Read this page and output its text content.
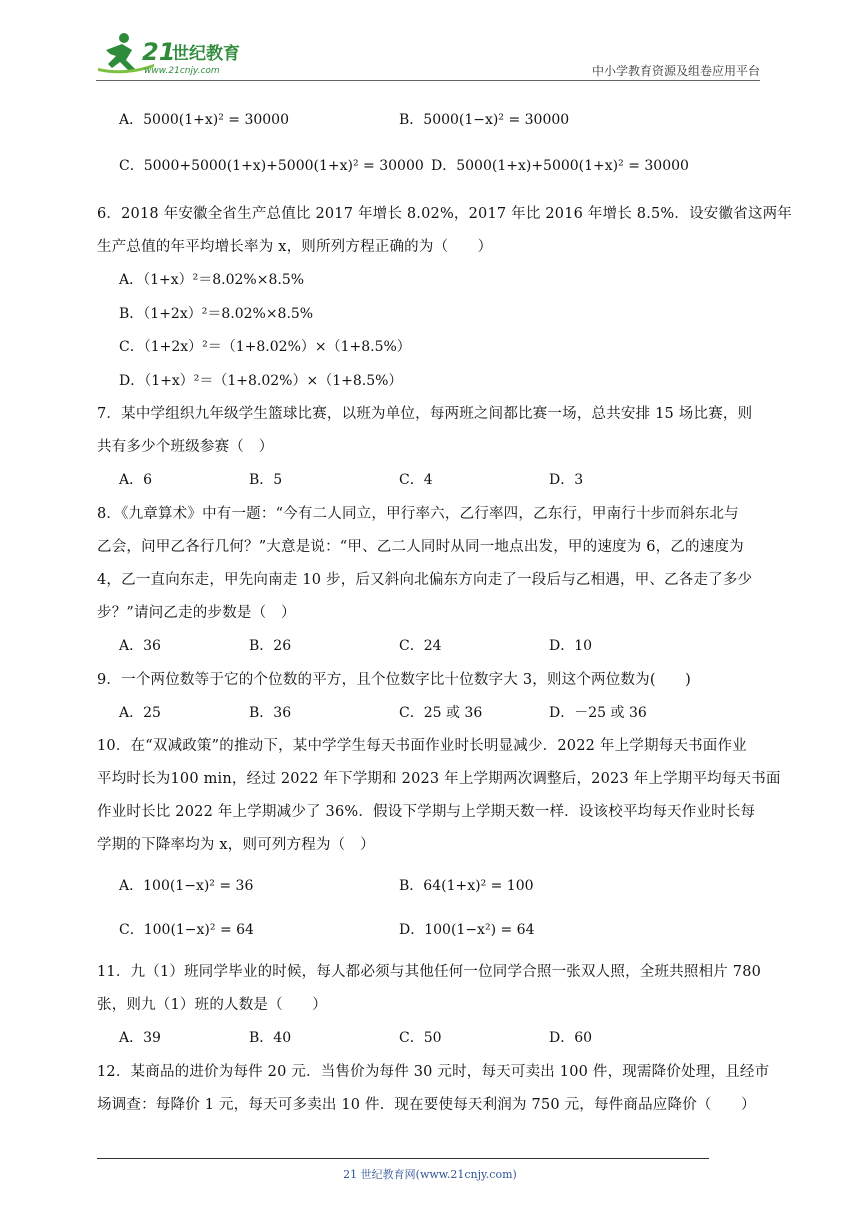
21
世纪教育
www.21cnjy.com	中小学教育资源及组卷应用平台
A．5000(1+x)² = 30000	B．5000(1−x)² = 30000
C．5000+5000(1+x)+5000(1+x)² = 30000 D．5000(1+x)+5000(1+x)² = 30000
6．2018 年安徽全省生产总值比 2017 年增长 8.02%，2017 年比 2016 年增长 8.5%．设安徽省这两年
生产总值的年平均增长率为 x，则所列方程正确的为（　　）
A．（1+x）²＝8.02%×8.5%
B．（1+2x）²＝8.02%×8.5%
C．（1+2x）²＝（1+8.02%）×（1+8.5%）
D．（1+x）²＝（1+8.02%）×（1+8.5%）
7．某中学组织九年级学生篮球比赛，以班为单位，每两班之间都比赛一场，总共安排 15 场比赛，则
共有多少个班级参赛（　）
A．6	B．5	C．4	D．3
8．《九章算术》中有一题：“今有二人同立，甲行率六，乙行率四，乙东行，甲南行十步而斜东北与
乙会，问甲乙各行几何？”大意是说：“甲、乙二人同时从同一地点出发，甲的速度为 6，乙的速度为
4，乙一直向东走，甲先向南走 10 步，后又斜向北偏东方向走了一段后与乙相遇，甲、乙各走了多少
步？”请问乙走的步数是（　）
A．36	B．26	C．24	D．10
9．一个两位数等于它的个位数的平方，且个位数字比十位数字大 3，则这个两位数为(　　)
A．25	B．36	C．25 或 36	D．－25 或 36
10．在“双减政策”的推动下，某中学学生每天书面作业时长明显减少．2022 年上学期每天书面作业
平均时长为100 min，经过 2022 年下学期和 2023 年上学期两次调整后，2023 年上学期平均每天书面
作业时长比 2022 年上学期减少了 36%．假设下学期与上学期天数一样．设该校平均每天作业时长每
学期的下降率均为 x，则可列方程为（　）
A．100(1−x)² = 36	B．64(1+x)² = 100
C．100(1−x)² = 64	D．100(1−x²) = 64
11．九（1）班同学毕业的时候，每人都必须与其他任何一位同学合照一张双人照，全班共照相片 780
张，则九（1）班的人数是（　　）
A．39	B．40	C．50	D．60
12．某商品的进价为每件 20 元．当售价为每件 30 元时，每天可卖出 100 件，现需降价处理，且经市
场调查：每降价 1 元，每天可多卖出 10 件．现在要使每天利润为 750 元，每件商品应降价（　　）
21 世纪教育网(www.21cnjy.com)
